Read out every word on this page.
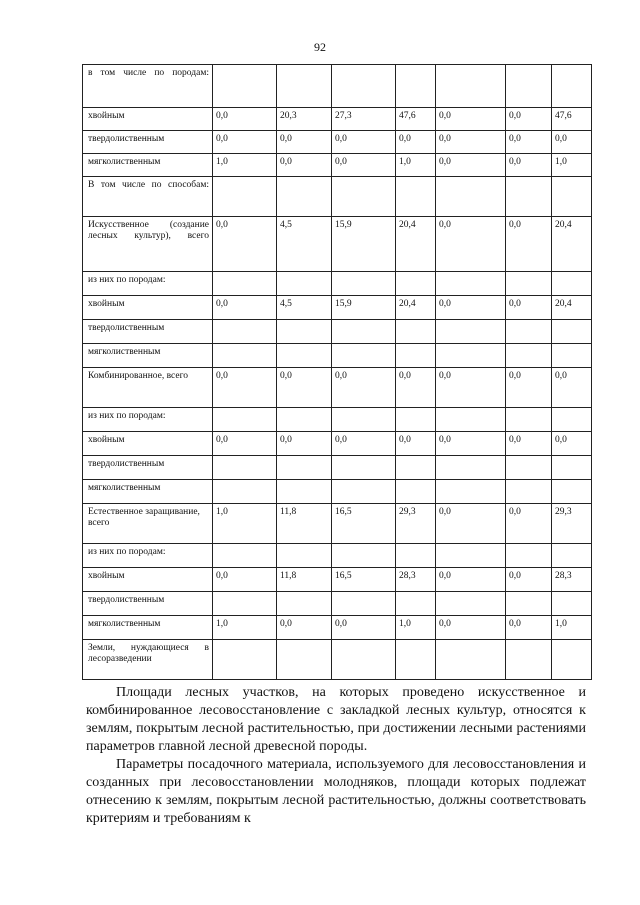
92
в том числе по породам:							
хвойным	0,0	20,3	27,3	47,6	0,0	0,0	47,6
твердолиственным	0,0	0,0	0,0	0,0	0,0	0,0	0,0
мягколиственным	1,0	0,0	0,0	1,0	0,0	0,0	1,0
В том числе по способам:							
Искусственное (создание лесных культур), всего	0,0	4,5	15,9	20,4	0,0	0,0	20,4
из них по породам:							
хвойным	0,0	4,5	15,9	20,4	0,0	0,0	20,4
твердолиственным							
мягколиственным							
Комбинированное, всего	0,0	0,0	0,0	0,0	0,0	0,0	0,0
из них по породам:							
хвойным	0,0	0,0	0,0	0,0	0,0	0,0	0,0
твердолиственным							
мягколиственным							
Естественное заращивание, всего	1,0	11,8	16,5	29,3	0,0	0,0	29,3
из них по породам:							
хвойным	0,0	11,8	16,5	28,3	0,0	0,0	28,3
твердолиственным							
мягколиственным	1,0	0,0	0,0	1,0	0,0	0,0	1,0
Земли, нуждающиеся в лесоразведении							

Площади лесных участков, на которых проведено искусственное и комбинированное лесовосстановление с закладкой лесных культур, относятся к землям, покрытым лесной растительностью, при достижении лесными растениями параметров главной лесной древесной породы.

Параметры посадочного материала, используемого для лесовосстановления и созданных при лесовосстановлении молодняков, площади которых подлежат отнесению к землям, покрытым лесной растительностью, должны соответствовать критериям и требованиям к
